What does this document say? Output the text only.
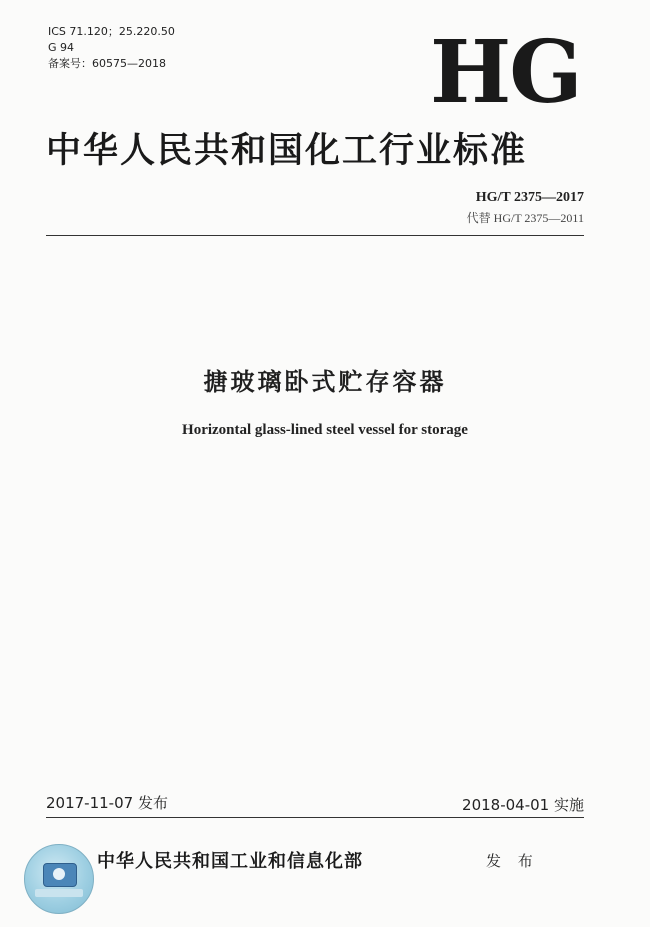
ICS 71.120；25.220.50
G 94
备案号：60575—2018	HG
中华人民共和国化工行业标准
HG/T 2375—2017
代替 HG/T 2375—2011
搪玻璃卧式贮存容器
Horizontal glass-lined steel vessel for storage
2017-11-07 发布	2018-04-01 实施
中华人民共和国工业和信息化部	发 布
